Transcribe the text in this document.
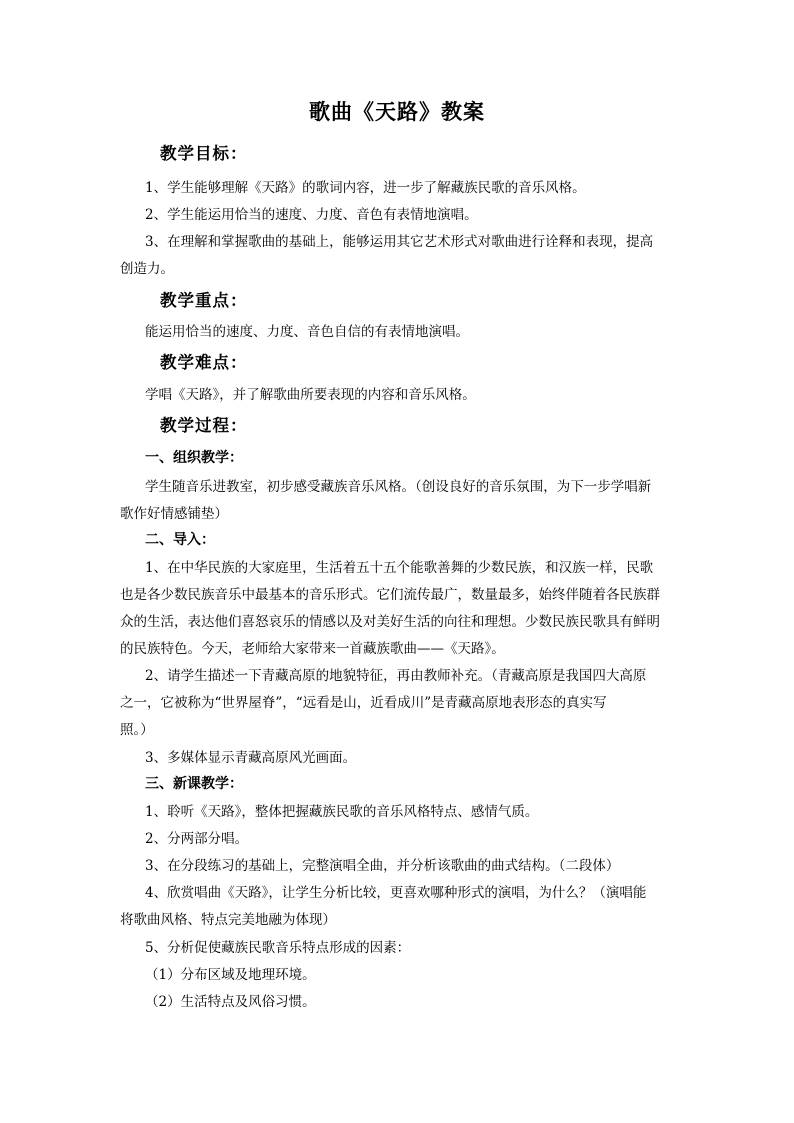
歌曲《天路》教案
教学目标：
1、学生能够理解《天路》的歌词内容，进一步了解藏族民歌的音乐风格。
2、学生能运用恰当的速度、力度、音色有表情地演唱。
3、在理解和掌握歌曲的基础上，能够运用其它艺术形式对歌曲进行诠释和表现，提高
创造力。
教学重点：
能运用恰当的速度、力度、音色自信的有表情地演唱。
教学难点：
学唱《天路》，并了解歌曲所要表现的内容和音乐风格。
教学过程：
一、组织教学：
学生随音乐进教室，初步感受藏族音乐风格。（创设良好的音乐氛围，为下一步学唱新
歌作好情感铺垫）
二、导入：
1、在中华民族的大家庭里，生活着五十五个能歌善舞的少数民族，和汉族一样，民歌
也是各少数民族音乐中最基本的音乐形式。它们流传最广，数量最多，始终伴随着各民族群
众的生活，表达他们喜怒哀乐的情感以及对美好生活的向往和理想。少数民族民歌具有鲜明
的民族特色。今天，老师给大家带来一首藏族歌曲——《天路》。
2、请学生描述一下青藏高原的地貌特征，再由教师补充。（青藏高原是我国四大高原
之一，它被称为“世界屋脊”，“远看是山，近看成川”是青藏高原地表形态的真实写
照。）
3、多媒体显示青藏高原风光画面。
三、新课教学：
1、聆听《天路》，整体把握藏族民歌的音乐风格特点、感情气质。
2、分两部分唱。
3、在分段练习的基础上，完整演唱全曲，并分析该歌曲的曲式结构。（二段体）
4、欣赏唱曲《天路》，让学生分析比较，更喜欢哪种形式的演唱，为什么？（演唱能
将歌曲风格、特点完美地融为体现）
5、分析促使藏族民歌音乐特点形成的因素：
（1）分布区域及地理环境。
（2）生活特点及风俗习惯。
